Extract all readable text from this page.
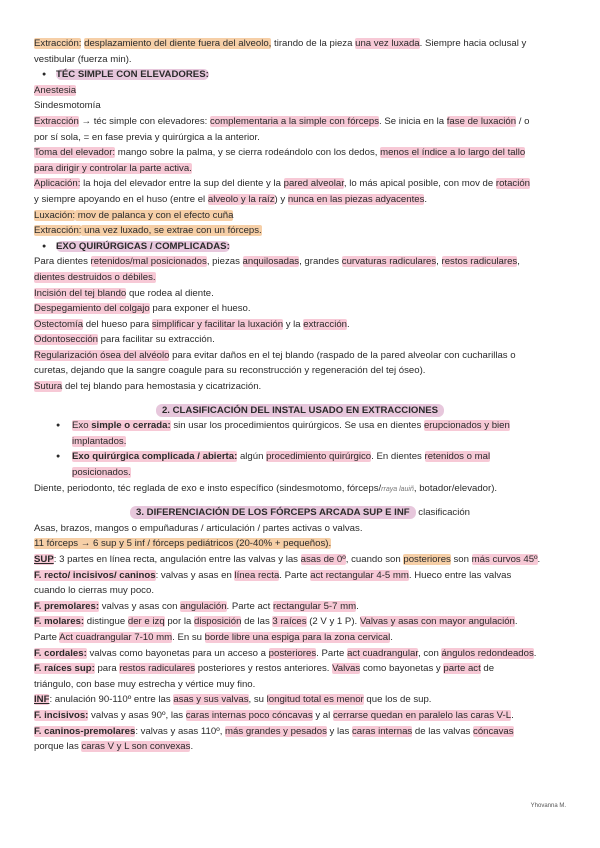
Extracción: desplazamiento del diente fuera del alveolo, tirando de la pieza una vez luxada. Siempre hacia oclusal y
vestibular (fuerza min).
● TÉC SIMPLE CON ELEVADORES:
Anestesia
Sindesmotomía
Extracción → téc simple con elevadores: complementaria a la simple con fórceps. Se inicia en la fase de luxación / o
por sí sola, = en fase previa y quirúrgica a la anterior.
Toma del elevador: mango sobre la palma, y se cierra rodeándolo con los dedos, menos el índice a lo largo del tallo
para dirigir y controlar la parte activa.
Aplicación: la hoja del elevador entre la sup del diente y la pared alveolar, lo más apical posible, con mov de rotación
y siempre apoyando en el huso (entre el alveolo y la raíz) y nunca en las piezas adyacentes.
Luxación: mov de palanca y con el efecto cuña
Extracción: una vez luxado, se extrae con un fórceps.
● EXO QUIRÚRGICAS / COMPLICADAS:
Para dientes retenidos/mal posicionados, piezas anquilosadas, grandes curvaturas radiculares, restos radiculares,
dientes destruidos o débiles.
Incisión del tej blando que rodea al diente.
Despegamiento del colgajo para exponer el hueso.
Ostectomía del hueso para simplificar y facilitar la luxación y la extracción.
Odontosección para facilitar su extracción.
Regularización ósea del alvéolo para evitar daños en el tej blando (raspado de la pared alveolar con cucharillas o
curetas, dejando que la sangre coagule para su reconstrucción y regeneración del tej óseo).
Sutura del tej blando para hemostasia y cicatrización.
2. CLASIFICACIÓN DEL INSTAL USADO EN EXTRACCIONES
● Exo simple o cerrada: sin usar los procedimientos quirúrgicos. Se usa en dientes erupcionados y bien
implantados.
● Exo quirúrgica complicada / abierta: algún procedimiento quirúrgico. En dientes retenidos o mal
posicionados.
Diente, periodonto, téc reglada de exo e insto específico (sindesmotomo, fórceps/rraya lauiñ, botador/elevador).
3. DIFERENCIACIÓN DE LOS FÓRCEPS ARCADA SUP E INF clasificación
Asas, brazos, mangos o empuñaduras / articulación / partes activas o valvas.
11 fórceps → 6 sup y 5 inf / fórceps pediátricos (20-40% + pequeños).
SUP: 3 partes en línea recta, angulación entre las valvas y las asas de 0º, cuando son posteriores son más curvos 45º.
F. recto/ incisivos/ caninos: valvas y asas en línea recta. Parte act rectangular 4-5 mm. Hueco entre las valvas
cuando lo cierras muy poco.
F. premolares: valvas y asas con angulación. Parte act rectangular 5-7 mm.
F. molares: distingue der e izq por la disposición de las 3 raíces (2 V y 1 P). Valvas y asas con mayor angulación.
Parte Act cuadrangular 7-10 mm. En su borde libre una espiga para la zona cervical.
F. cordales: valvas como bayonetas para un acceso a posteriores. Parte act cuadrangular, con ángulos redondeados.
F. raíces sup: para restos radiculares posteriores y restos anteriores. Valvas como bayonetas y parte act de
triángulo, con base muy estrecha y vértice muy fino.
INF: anulación 90-110º entre las asas y sus valvas, su longitud total es menor que los de sup.
F. incisivos: valvas y asas 90º, las caras internas poco cóncavas y al cerrarse quedan en paralelo las caras V-L.
F. caninos-premolares: valvas y asas 110º, más grandes y pesados y las caras internas de las valvas cóncavas
porque las caras V y L son convexas.
Yhovanna M.
